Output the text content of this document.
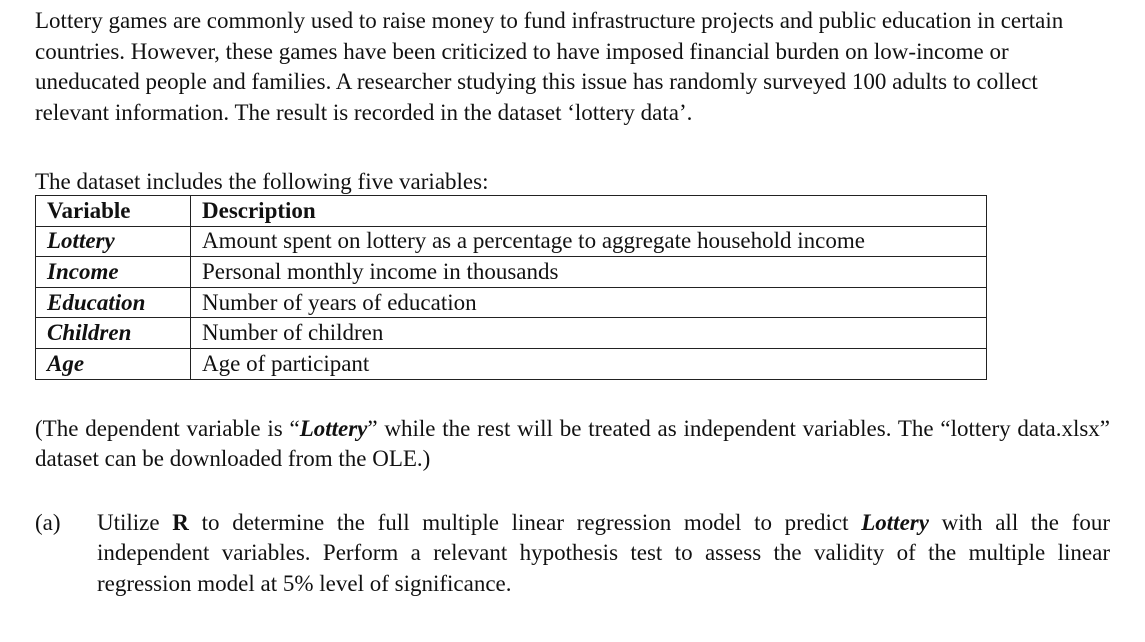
Lottery games are commonly used to raise money to fund infrastructure projects and public education in certain countries. However, these games have been criticized to have imposed financial burden on low-income or uneducated people and families. A researcher studying this issue has randomly surveyed 100 adults to collect relevant information. The result is recorded in the dataset ‘lottery data’.

The dataset includes the following five variables:

Variable	Description
Lottery	Amount spent on lottery as a percentage to aggregate household income
Income	Personal monthly income in thousands
Education	Number of years of education
Children	Number of children
Age	Age of participant

(The dependent variable is “Lottery” while the rest will be treated as independent variables. The “lottery data.xlsx” dataset can be downloaded from the OLE.)

(a) Utilize R to determine the full multiple linear regression model to predict Lottery with all the four independent variables. Perform a relevant hypothesis test to assess the validity of the multiple linear regression model at 5% level of significance.
